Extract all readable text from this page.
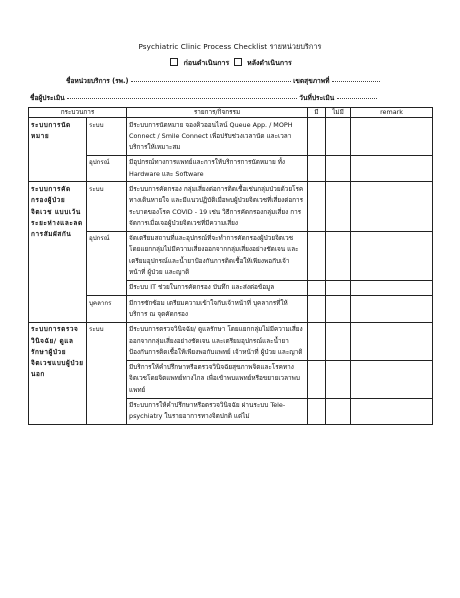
Psychiatric Clinic Process Checklist รายหน่วยบริการ
ก่อนดำเนินการ	หลังดำเนินการ
ชื่อหน่วยบริการ (รพ.)	เขตสุขภาพที่
ชื่อผู้ประเมิน	วันที่ประเมิน
กระบวนการ		รายการ/กิจกรรม	มี	ไม่มี	remark
ระบบการนัดหมาย	ระบบ	มีระบบการนัดหมาย จองคิวออนไลน์ Queue App. / MOPH Connect / Smile Connect เพื่อปรับช่วงเวลานัด และเวลาบริการให้เหมาะสม			
	อุปกรณ์	มีอุปกรณ์ทางการแพทย์และการให้บริการการนัดหมาย ทั้ง Hardware และ Software			
ระบบการคัดกรองผู้ป่วยจิตเวช แบบเว้นระยะห่างและลดการสัมผัสกัน	ระบบ	มีระบบการคัดกรอง กลุ่มเสี่ยงต่อการติดเชื้อเช่นกลุ่มป่วยด้วยโรคทางเดินหายใจ และมีแนวปฏิบัติเมื่อพบผู้ป่วยจิตเวชที่เสี่ยงต่อการระบาดของโรค COVID - 19 เช่น วิธีการคัดกรองกลุ่มเสี่ยง การจัดการเมื่อเจอผู้ป่วยจิตเวชที่มีความเสี่ยง			
	อุปกรณ์	จัดเตรียมสถานที่และอุปกรณ์ที่จะทำการคัดกรองผู้ป่วยจิตเวช โดยแยกกลุ่มไม่มีความเสี่ยงออกจากกลุ่มเสี่ยงอย่างชัดเจน และเตรียมอุปกรณ์และน้ำยาป้องกันการติดเชื้อให้เพียงพอกับเจ้าหน้าที่ ผู้ป่วย และญาติ			
		มีระบบ IT ช่วยในการคัดกรอง บันทึก และส่งต่อข้อมูล			
	บุคลากร	มีการซักซ้อม เตรียมความเข้าใจกับเจ้าหน้าที่ บุคลากรที่ให้บริการ ณ จุดคัดกรอง			
ระบบการตรวจวินิจฉัย/ ดูแลรักษาผู้ป่วยจิตเวชแบบผู้ป่วยนอก	ระบบ	มีระบบการตรวจวินิจฉัย/ ดูแลรักษา โดยแยกกลุ่มไม่มีความเสี่ยงออกจากกลุ่มเสี่ยงอย่างชัดเจน และเตรียมอุปกรณ์และน้ำยาป้องกันการติดเชื้อให้เพียงพอกับแพทย์ เจ้าหน้าที่ ผู้ป่วย และญาติ			
		มีบริการให้คำปรึกษาหรือตรวจวินิจฉัยสุขภาพจิตและโรคทางจิตเวชโดยจิตแพทย์ทางไกล เพื่อเข้าพบแพทย์หรือขยายเวลาพบแพทย์			
		มีระบบการให้คำปรึกษาหรือตรวจวินิจฉัย ผ่านระบบ Tele-psychiatry ในรายอาการทางจิตปกติ แต่ไม่			
